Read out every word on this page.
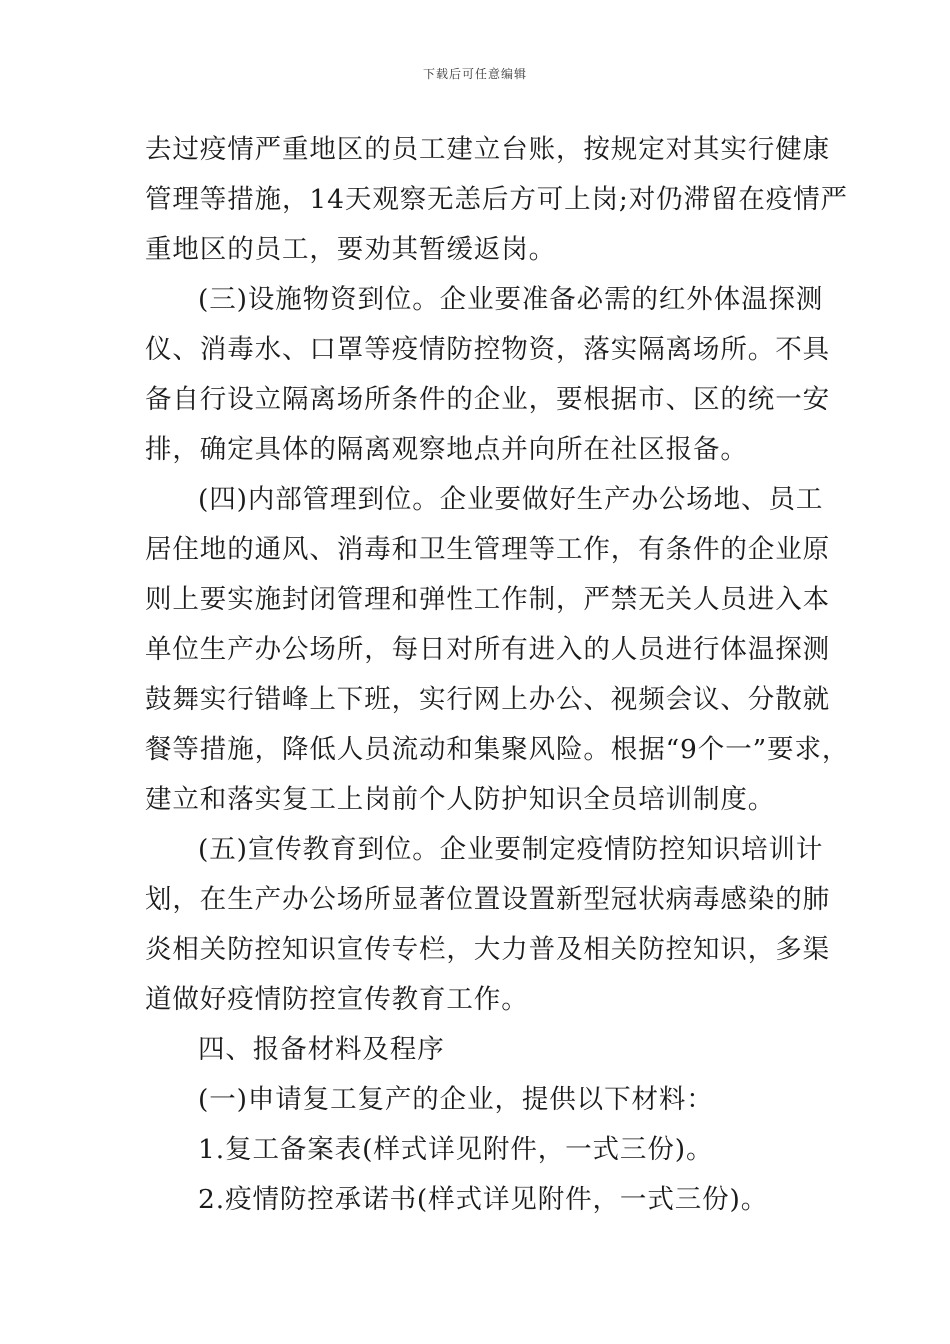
下载后可任意编辑
去过疫情严重地区的员工建立台账，按规定对其实行健康
管理等措施，14天观察无恙后方可上岗;对仍滞留在疫情严
重地区的员工，要劝其暂缓返岗。
(三)设施物资到位。企业要准备必需的红外体温探测
仪、消毒水、口罩等疫情防控物资，落实隔离场所。不具
备自行设立隔离场所条件的企业，要根据市、区的统一安
排，确定具体的隔离观察地点并向所在社区报备。
(四)内部管理到位。企业要做好生产办公场地、员工
居住地的通风、消毒和卫生管理等工作，有条件的企业原
则上要实施封闭管理和弹性工作制，严禁无关人员进入本
单位生产办公场所，每日对所有进入的人员进行体温探测
鼓舞实行错峰上下班，实行网上办公、视频会议、分散就
餐等措施，降低人员流动和集聚风险。根据“9个一”要求，
建立和落实复工上岗前个人防护知识全员培训制度。
(五)宣传教育到位。企业要制定疫情防控知识培训计
划，在生产办公场所显著位置设置新型冠状病毒感染的肺
炎相关防控知识宣传专栏，大力普及相关防控知识，多渠
道做好疫情防控宣传教育工作。
四、报备材料及程序
(一)申请复工复产的企业，提供以下材料：
1.复工备案表(样式详见附件，一式三份)。
2.疫情防控承诺书(样式详见附件，一式三份)。
